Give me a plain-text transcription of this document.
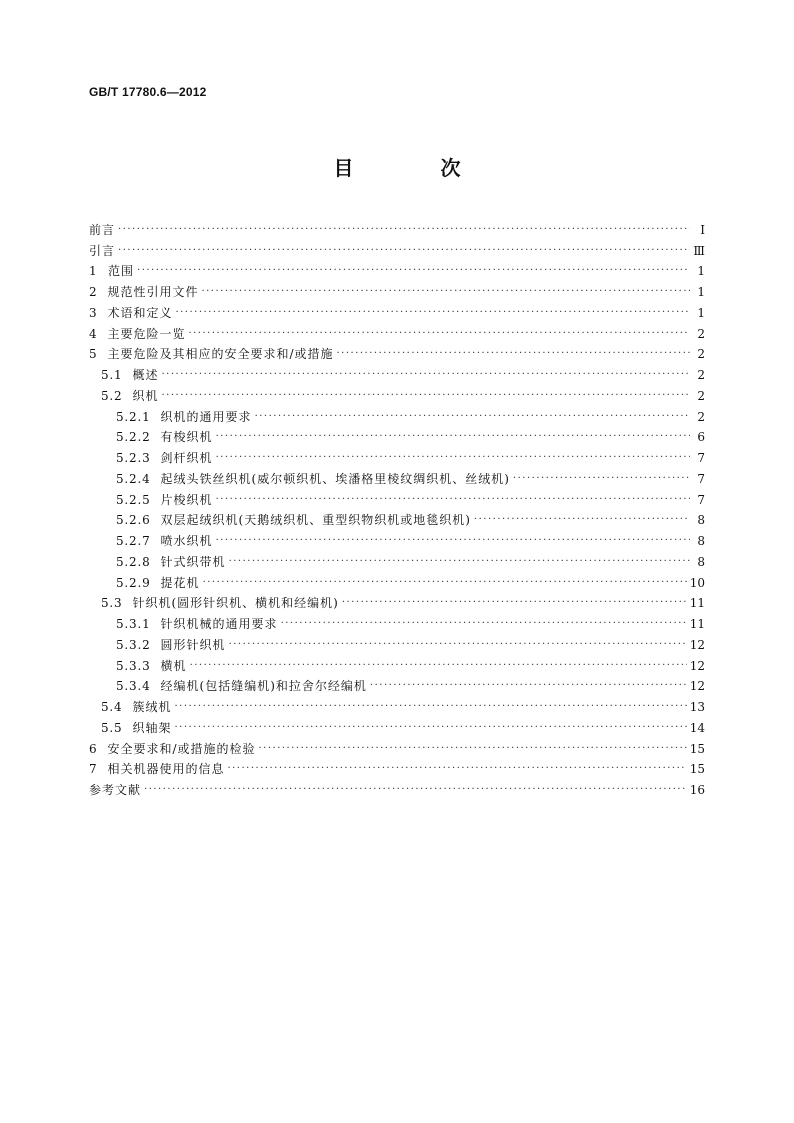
GB/T 17780.6—2012
目 次
前言 ·····	Ⅰ
引言 ·····	Ⅲ
1 范围 ·····	1
2 规范性引用文件 ·····	1
3 术语和定义 ·····	1
4 主要危险一览 ·····	2
5 主要危险及其相应的安全要求和/或措施 ·····	2
5.1 概述 ·····	2
5.2 织机 ·····	2
5.2.1 织机的通用要求 ·····	2
5.2.2 有梭织机 ·····	6
5.2.3 剑杆织机 ·····	7
5.2.4 起绒头铁丝织机(威尔顿织机、埃潘格里棱纹绸织机、丝绒机) ·····	7
5.2.5 片梭织机 ·····	7
5.2.6 双层起绒织机(天鹅绒织机、重型织物织机或地毯织机) ·····	8
5.2.7 喷水织机 ·····	8
5.2.8 针式织带机 ·····	8
5.2.9 提花机 ·····	10
5.3 针织机(圆形针织机、横机和经编机) ·····	11
5.3.1 针织机械的通用要求 ·····	11
5.3.2 圆形针织机 ·····	12
5.3.3 横机 ·····	12
5.3.4 经编机(包括缝编机)和拉舍尔经编机 ·····	12
5.4 簇绒机 ·····	13
5.5 织轴架 ·····	14
6 安全要求和/或措施的检验 ·····	15
7 相关机器使用的信息 ·····	15
参考文献 ·····	16
